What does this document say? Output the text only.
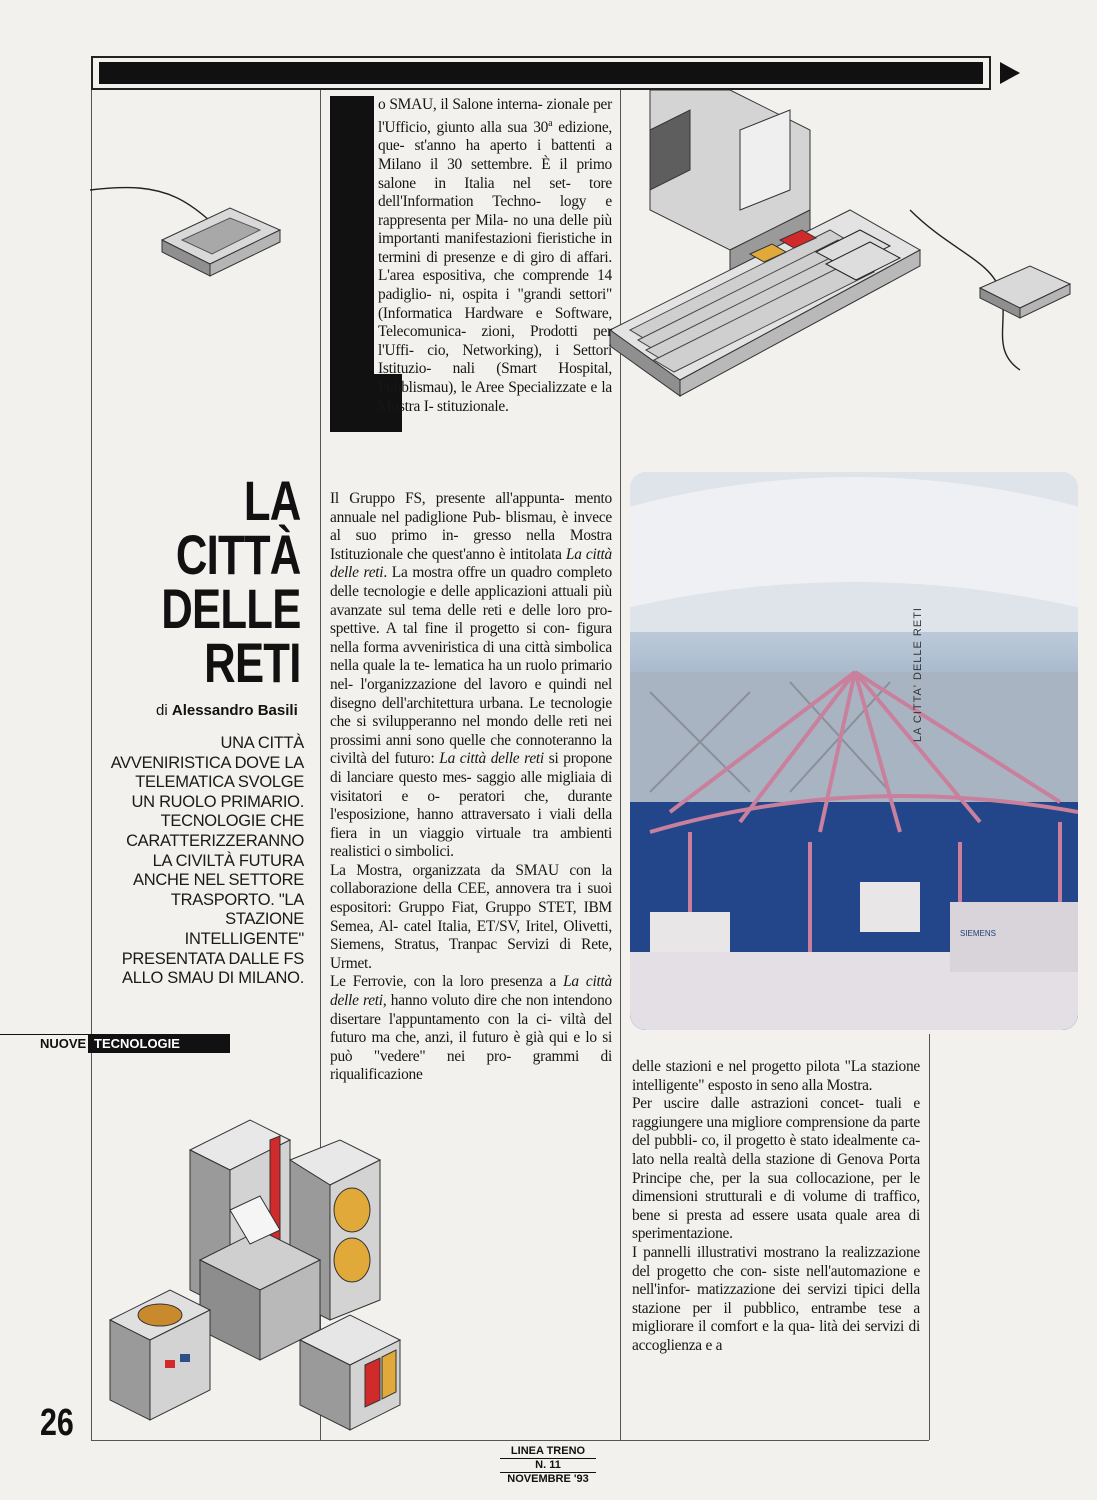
LA
CITTÀ
DELLE
RETI
di Alessandro Basili
UNA CITTÀ AVVENIRISTICA DOVE LA TELEMATICA SVOLGE UN RUOLO PRIMARIO. TECNOLOGIE CHE CARATTERIZZERANNO LA CIVILTÀ FUTURA ANCHE NEL SETTORE TRASPORTO. "LA STAZIONE INTELLIGENTE" PRESENTATA DALLE FS ALLO SMAU DI MILANO.
NUOVE TECNOLOGIE

o SMAU, il Salone interna- zionale per l'Ufficio, giunto alla sua 30$^a$ edizione, que- st'anno ha aperto i battenti a Milano il 30 settembre. È il primo salone in Italia nel set- tore dell'Information Techno- logy e rappresenta per Mila- no una delle più importanti manifestazioni fieristiche in termini di presenze e di giro di affari. L'area espositiva, che comprende 14 padiglio- ni, ospita i "grandi settori" (Informatica Hardware e Software, Telecomunica- zioni, Prodotti per l'Uffi- cio, Networking), i Settori Istituzio- nali (Smart Hospital, Pubblismau), le Aree Specializzate e la Mostra I- stituzionale.

Il Gruppo FS, presente all'appunta- mento annuale nel padiglione Pub- blismau, è invece al suo primo in- gresso nella Mostra Istituzionale che quest'anno è intitolata La città delle reti. La mostra offre un quadro completo delle tecnologie e delle applicazioni attuali più avanzate sul tema delle reti e delle loro pro- spettive. A tal fine il progetto si con- figura nella forma avveniristica di una città simbolica nella quale la te- lematica ha un ruolo primario nel- l'organizzazione del lavoro e quindi nel disegno dell'architettura urbana. Le tecnologie che si svilupperanno nel mondo delle reti nei prossimi anni sono quelle che connoteranno la civiltà del futuro: La città delle reti si propone di lanciare questo mes- saggio alle migliaia di visitatori e o- peratori che, durante l'esposizione, hanno attraversato i viali della fiera in un viaggio virtuale tra ambienti realistici o simbolici.

La Mostra, organizzata da SMAU con la collaborazione della CEE, annovera tra i suoi espositori: Gruppo Fiat, Gruppo STET, IBM Semea, Al- catel Italia, ET/SV, Iritel, Olivetti, Siemens, Stratus, Tranpac Servizi di Rete, Urmet.

Le Ferrovie, con la loro presenza a La città delle reti, hanno voluto dire che non intendono disertare l'appuntamento con la ci- viltà del futuro ma che, anzi, il futuro è già qui e lo si può "vedere" nei pro- grammi di riqualificazione

SIEMENS
LA CITTA' DELLE RETI

delle stazioni e nel progetto pilota "La stazione intelligente" esposto in seno alla Mostra.

Per uscire dalle astrazioni concet- tuali e raggiungere una migliore comprensione da parte del pubbli- co, il progetto è stato idealmente ca- lato nella realtà della stazione di Genova Porta Principe che, per la sua collocazione, per le dimensioni strutturali e di volume di traffico, bene si presta ad essere usata quale area di sperimentazione.

I pannelli illustrativi mostrano la realizzazione del progetto che con- siste nell'automazione e nell'infor- matizzazione dei servizi tipici della stazione per il pubblico, entrambe tese a migliorare il comfort e la qua- lità dei servizi di accoglienza e a

26
LINEA TRENO
N. 11
NOVEMBRE '93
